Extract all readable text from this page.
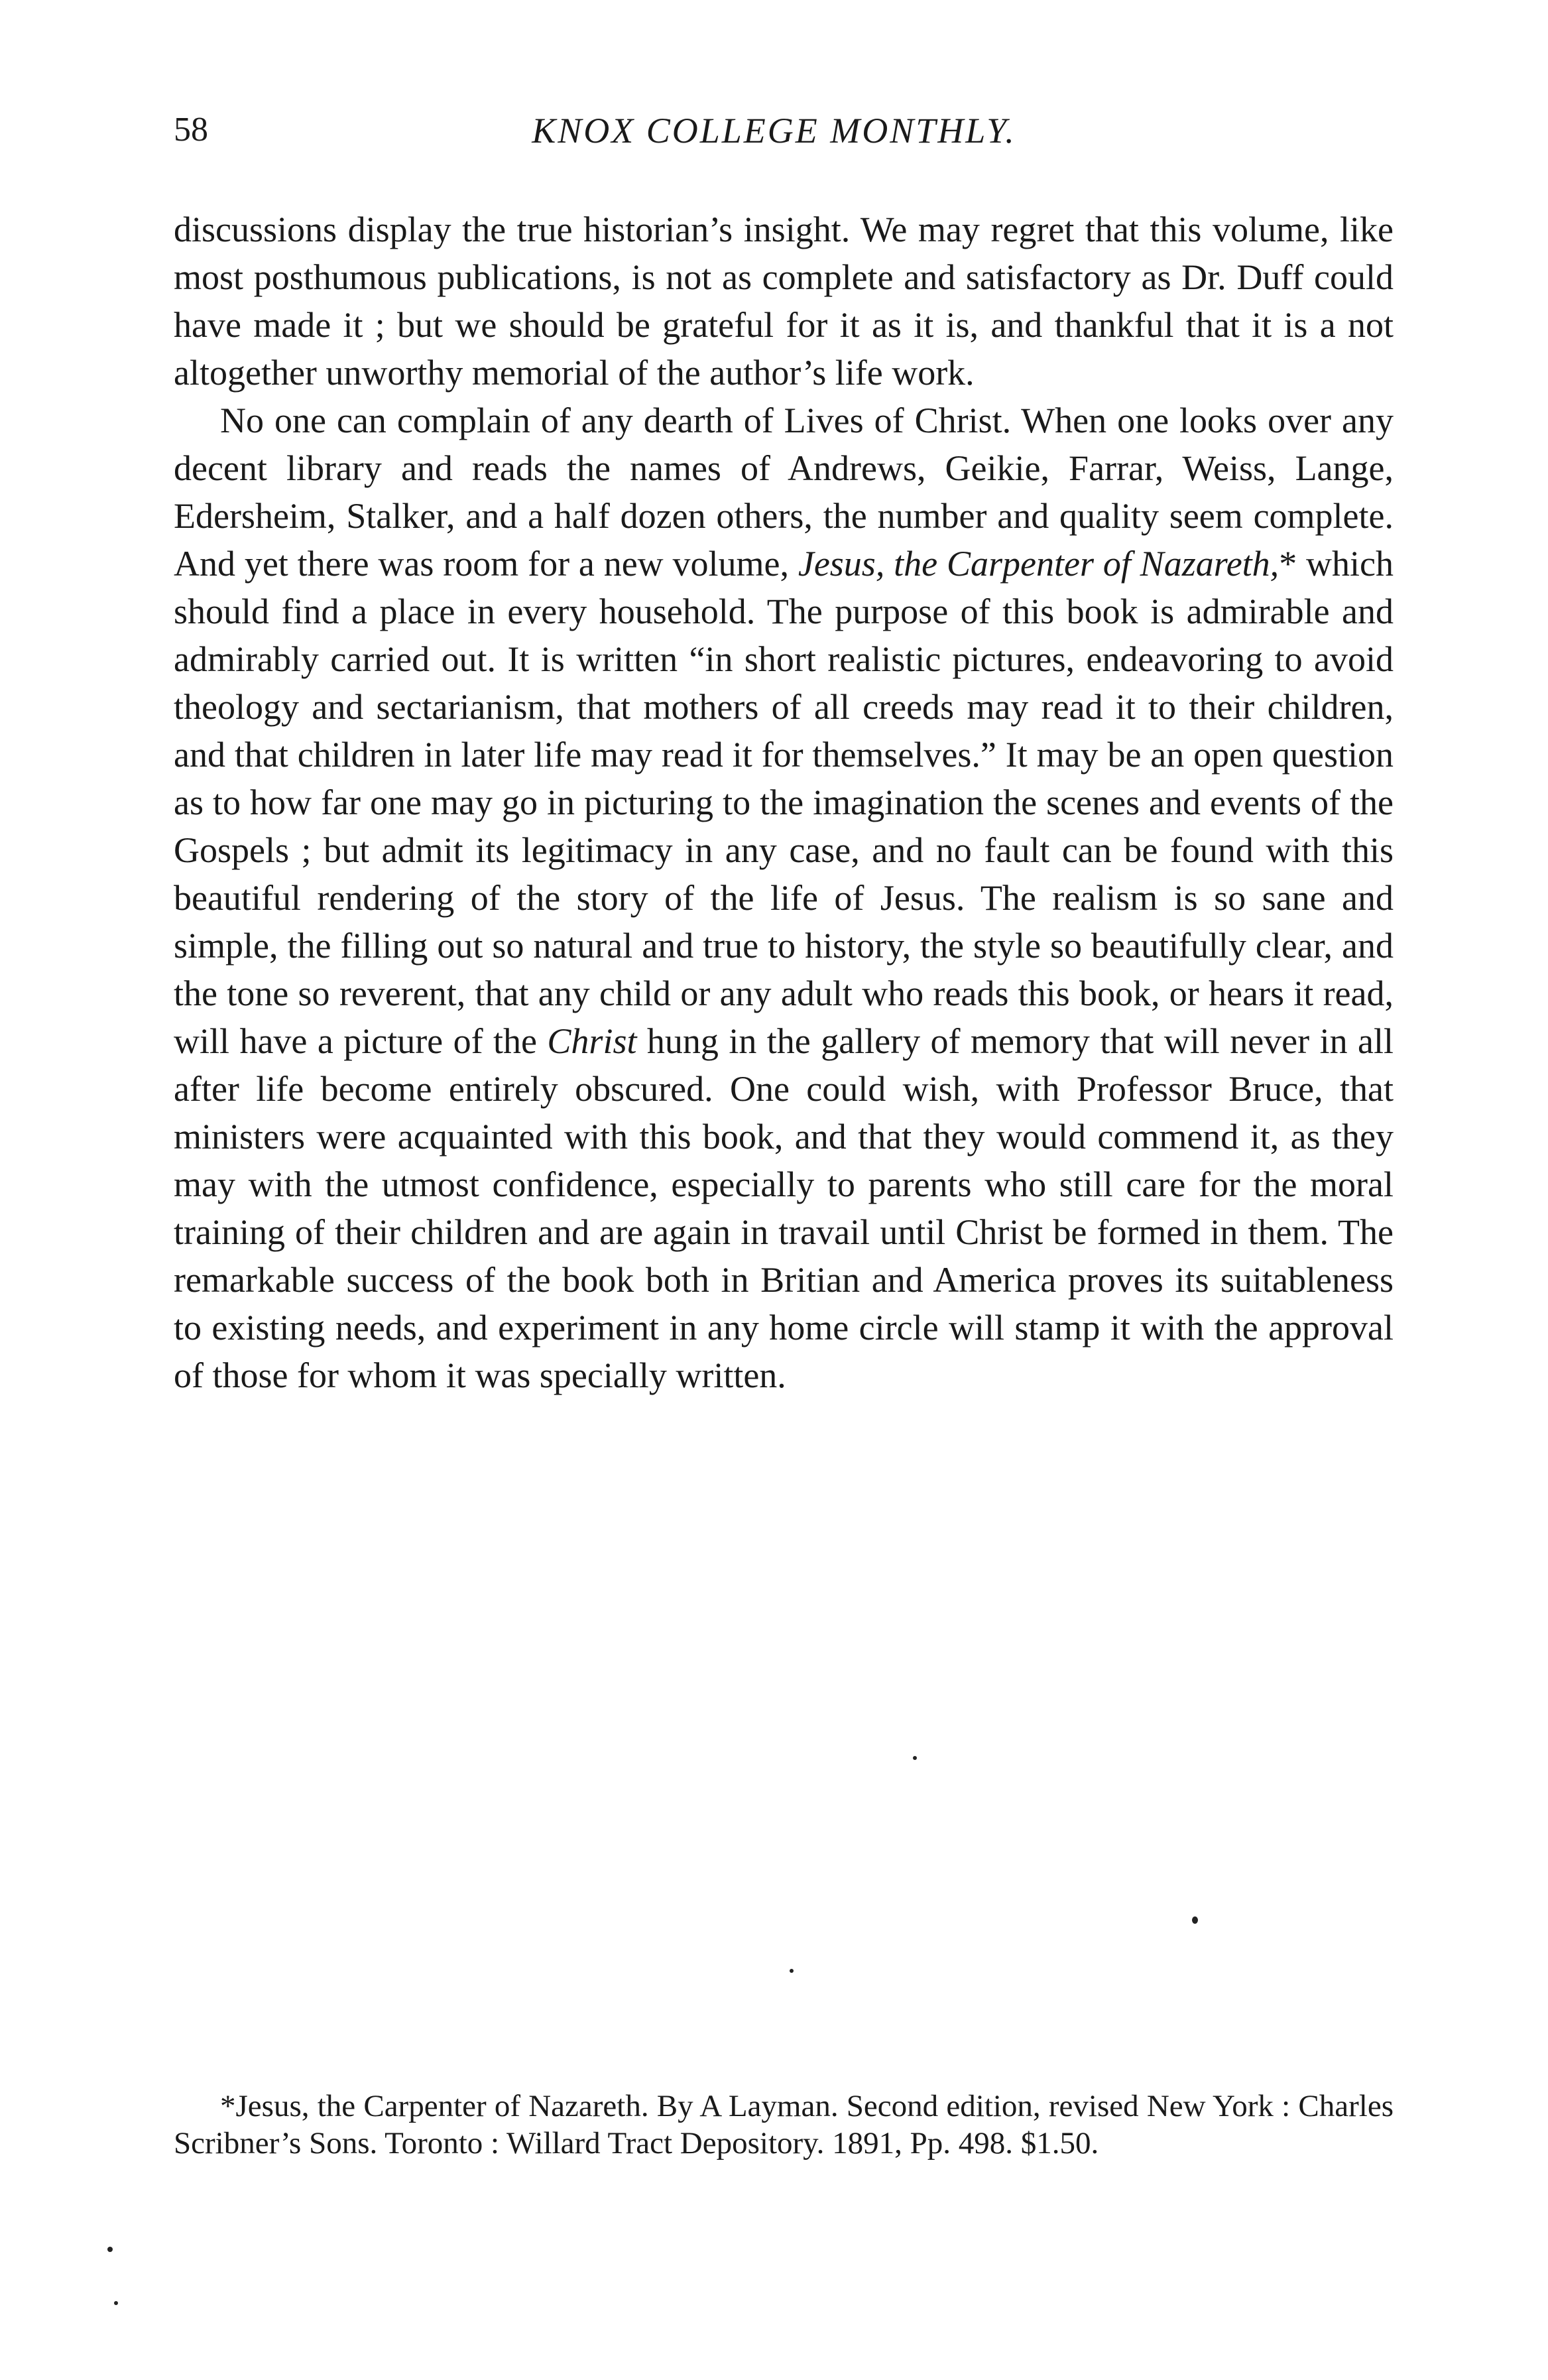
58	KNOX COLLEGE MONTHLY.

discussions display the true historian’s insight. We may regret that this volume, like most posthumous publications, is not as complete and satisfactory as Dr. Duff could have made it ; but we should be grateful for it as it is, and thankful that it is a not altogether unworthy memorial of the author’s life work.

No one can complain of any dearth of Lives of Christ. When one looks over any decent library and reads the names of Andrews, Geikie, Farrar, Weiss, Lange, Edersheim, Stalker, and a half dozen others, the number and quality seem complete. And yet there was room for a new volume, Jesus, the Carpenter of Nazareth,* which should find a place in every household. The purpose of this book is admirable and admirably carried out. It is written “in short realistic pictures, endeavoring to avoid theology and sectarianism, that mothers of all creeds may read it to their children, and that children in later life may read it for themselves.” It may be an open question as to how far one may go in picturing to the imagination the scenes and events of the Gospels ; but admit its legitimacy in any case, and no fault can be found with this beautiful rendering of the story of the life of Jesus. The realism is so sane and simple, the filling out so natural and true to history, the style so beautifully clear, and the tone so reverent, that any child or any adult who reads this book, or hears it read, will have a picture of the Christ hung in the gallery of memory that will never in all after life become entirely obscured. One could wish, with Professor Bruce, that ministers were acquainted with this book, and that they would commend it, as they may with the utmost confidence, especially to parents who still care for the moral training of their children and are again in travail until Christ be formed in them. The remarkable success of the book both in Britian and America proves its suitableness to existing needs, and experiment in any home circle will stamp it with the approval of those for whom it was specially written.

*Jesus, the Carpenter of Nazareth. By A Layman. Second edition, revised New York : Charles Scribner’s Sons. Toronto : Willard Tract Depository. 1891, Pp. 498. $1.50.
